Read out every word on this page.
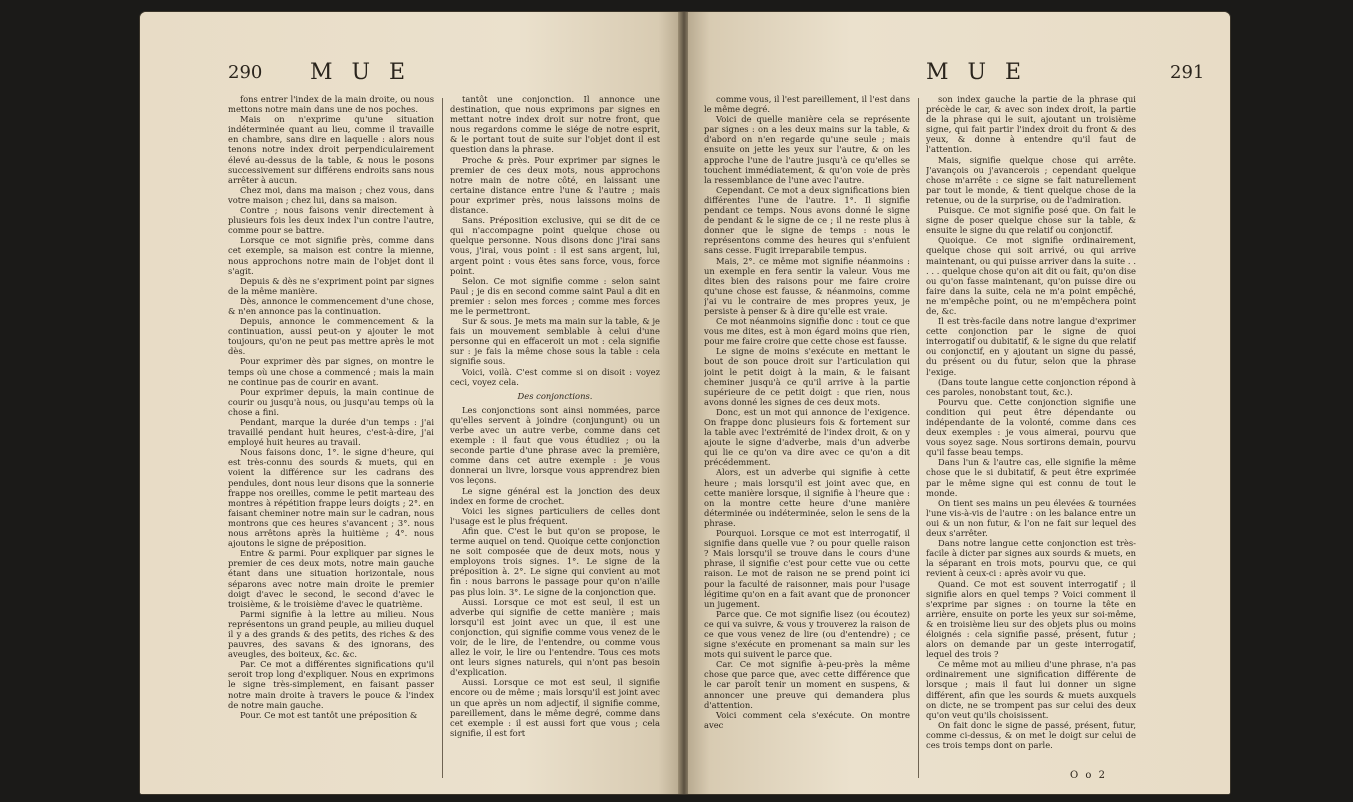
290 M U E

fons entrer l'index de la main droite, ou nous mettons notre main dans une de nos poches.

Mais on n'exprime qu'une situation indéterminée quant au lieu, comme il travaille en chambre, sans dire en laquelle : alors nous tenons notre index droit perpendiculairement élevé au-dessus de la table, & nous le posons successivement sur différens endroits sans nous arrêter à aucun.

Chez moi, dans ma maison ; chez vous, dans votre maison ; chez lui, dans sa maison.

Contre ; nous faisons venir directement à plusieurs fois les deux index l'un contre l'autre, comme pour se battre.

Lorsque ce mot signifie près, comme dans cet exemple, sa maison est contre la mienne, nous approchons notre main de l'objet dont il s'agit.

Depuis & dès ne s'expriment point par signes de la même manière.

Dès, annonce le commencement d'une chose, & n'en annonce pas la continuation.

Depuis, annonce le commencement & la continuation, aussi peut-on y ajouter le mot toujours, qu'on ne peut pas mettre après le mot dès.

Pour exprimer dès par signes, on montre le temps où une chose a commencé ; mais la main ne continue pas de courir en avant.

Pour exprimer depuis, la main continue de courir ou jusqu'à nous, ou jusqu'au temps où la chose a fini.

Pendant, marque la durée d'un temps : j'ai travaillé pendant huit heures, c'est-à-dire, j'ai employé huit heures au travail.

Nous faisons donc, 1°. le signe d'heure, qui est très-connu des sourds & muets, qui en voient la différence sur les cadrans des pendules, dont nous leur disons que la sonnerie frappe nos oreilles, comme le petit marteau des montres à répétition frappe leurs doigts ; 2°. en faisant cheminer notre main sur le cadran, nous montrons que ces heures s'avancent ; 3°. nous nous arrêtons après la huitième ; 4°. nous ajoutons le signe de préposition.

Entre & parmi. Pour expliquer par signes le premier de ces deux mots, notre main gauche étant dans une situation horizontale, nous séparons avec notre main droite le premier doigt d'avec le second, le second d'avec le troisième, & le troisième d'avec le quatrième.

Parmi signifie à la lettre au milieu. Nous représentons un grand peuple, au milieu duquel il y a des grands & des petits, des riches & des pauvres, des savans & des ignorans, des aveugles, des boiteux, &c. &c.

Par. Ce mot a différentes significations qu'il seroit trop long d'expliquer. Nous en exprimons le signe très-simplement, en faisant passer notre main droite à travers le pouce & l'index de notre main gauche.

Pour. Ce mot est tantôt une préposition &

tantôt une conjonction. Il annonce une destination, que nous exprimons par signes en mettant notre index droit sur notre front, que nous regardons comme le siége de notre esprit, & le portant tout de suite sur l'objet dont il est question dans la phrase.

Proche & près. Pour exprimer par signes le premier de ces deux mots, nous approchons notre main de notre côté, en laissant une certaine distance entre l'une & l'autre ; mais pour exprimer près, nous laissons moins de distance.

Sans. Préposition exclusive, qui se dit de ce qui n'accompagne point quelque chose ou quelque personne. Nous disons donc j'irai sans vous, j'irai, vous point : il est sans argent, lui, argent point : vous êtes sans force, vous, force point.

Selon. Ce mot signifie comme : selon saint Paul ; je dis en second comme saint Paul a dit en premier : selon mes forces ; comme mes forces me le permettront.

Sur & sous. Je mets ma main sur la table, & je fais un mouvement semblable à celui d'une personne qui en effaceroit un mot : cela signifie sur : je fais la même chose sous la table : cela signifie sous.

Voici, voilà. C'est comme si on disoit : voyez ceci, voyez cela.

Des conjonctions.

Les conjonctions sont ainsi nommées, parce qu'elles servent à joindre (conjungunt) ou un verbe avec un autre verbe, comme dans cet exemple : il faut que vous étudiiez ; ou la seconde partie d'une phrase avec la première, comme dans cet autre exemple : je vous donnerai un livre, lorsque vous apprendrez bien vos leçons.

Le signe général est la jonction des deux index en forme de crochet.

Voici les signes particuliers de celles dont l'usage est le plus fréquent.

Afin que. C'est le but qu'on se propose, le terme auquel on tend. Quoique cette conjonction ne soit composée que de deux mots, nous y employons trois signes. 1°. Le signe de la préposition à. 2°. Le signe qui convient au mot fin : nous barrons le passage pour qu'on n'aille pas plus loin. 3°. Le signe de la conjonction que.

Aussi. Lorsque ce mot est seul, il est un adverbe qui signifie de cette manière ; mais lorsqu'il est joint avec un que, il est une conjonction, qui signifie comme vous venez de le voir, de le lire, de l'entendre, ou comme vous allez le voir, le lire ou l'entendre. Tous ces mots ont leurs signes naturels, qui n'ont pas besoin d'explication.

Aussi. Lorsque ce mot est seul, il signifie encore ou de même ; mais lorsqu'il est joint avec un que après un nom adjectif, il signifie comme, pareillement, dans le même degré, comme dans cet exemple : il est aussi fort que vous ; cela signifie, il est fort

M U E	291

comme vous, il l'est pareillement, il l'est dans le même degré.

Voici de quelle manière cela se représente par signes : on a les deux mains sur la table, & d'abord on n'en regarde qu'une seule ; mais ensuite on jette les yeux sur l'autre, & on les approche l'une de l'autre jusqu'à ce qu'elles se touchent immédiatement, & qu'on voie de près la ressemblance de l'une avec l'autre.

Cependant. Ce mot a deux significations bien différentes l'une de l'autre. 1°. Il signifie pendant ce temps. Nous avons donné le signe de pendant & le signe de ce ; il ne reste plus à donner que le signe de temps : nous le représentons comme des heures qui s'enfuient sans cesse. Fugit irreparabile tempus.

Mais, 2°. ce même mot signifie néanmoins : un exemple en fera sentir la valeur. Vous me dites bien des raisons pour me faire croire qu'une chose est fausse, & néanmoins, comme j'ai vu le contraire de mes propres yeux, je persiste à penser & à dire qu'elle est vraie.

Ce mot néanmoins signifie donc : tout ce que vous me dites, est à mon égard moins que rien, pour me faire croire que cette chose est fausse.

Le signe de moins s'exécute en mettant le bout de son pouce droit sur l'articulation qui joint le petit doigt à la main, & le faisant cheminer jusqu'à ce qu'il arrive à la partie supérieure de ce petit doigt : que rien, nous avons donné les signes de ces deux mots.

Donc, est un mot qui annonce de l'exigence. On frappe donc plusieurs fois & fortement sur la table avec l'extrémité de l'index droit, & on y ajoute le signe d'adverbe, mais d'un adverbe qui lie ce qu'on va dire avec ce qu'on a dit précédemment.

Alors, est un adverbe qui signifie à cette heure ; mais lorsqu'il est joint avec que, en cette manière lorsque, il signifie à l'heure que : on la montre cette heure d'une manière déterminée ou indéterminée, selon le sens de la phrase.

Pourquoi. Lorsque ce mot est interrogatif, il signifie dans quelle vue ? ou pour quelle raison ? Mais lorsqu'il se trouve dans le cours d'une phrase, il signifie c'est pour cette vue ou cette raison. Le mot de raison ne se prend point ici pour la faculté de raisonner, mais pour l'usage légitime qu'on en a fait avant que de prononcer un jugement.

Parce que. Ce mot signifie lisez (ou écoutez) ce qui va suivre, & vous y trouverez la raison de ce que vous venez de lire (ou d'entendre) ; ce signe s'exécute en promenant sa main sur les mots qui suivent le parce que.

Car. Ce mot signifie à-peu-près la même chose que parce que, avec cette différence que le car paroît tenir un moment en suspens, & annoncer une preuve qui demandera plus d'attention.

Voici comment cela s'exécute. On montre avec

son index gauche la partie de la phrase qui précède le car, & avec son index droit, la partie de la phrase qui le suit, ajoutant un troisième signe, qui fait partir l'index droit du front & des yeux, & donne à entendre qu'il faut de l'attention.

Mais, signifie quelque chose qui arrête. J'avançois ou j'avancerois ; cependant quelque chose m'arrête : ce signe se fait naturellement par tout le monde, & tient quelque chose de la retenue, ou de la surprise, ou de l'admiration.

Puisque. Ce mot signifie posé que. On fait le signe de poser quelque chose sur la table, & ensuite le signe du que relatif ou conjonctif.

Quoique. Ce mot signifie ordinairement, quelque chose qui soit arrivé, ou qui arrive maintenant, ou qui puisse arriver dans la suite . . . . . quelque chose qu'on ait dit ou fait, qu'on dise ou qu'on fasse maintenant, qu'on puisse dire ou faire dans la suite, cela ne m'a point empêché, ne m'empêche point, ou ne m'empêchera point de, &c.

Il est très-facile dans notre langue d'exprimer cette conjonction par le signe de quoi interrogatif ou dubitatif, & le signe du que relatif ou conjonctif, en y ajoutant un signe du passé, du présent ou du futur, selon que la phrase l'exige.

(Dans toute langue cette conjonction répond à ces paroles, nonobstant tout, &c.).

Pourvu que. Cette conjonction signifie une condition qui peut être dépendante ou indépendante de la volonté, comme dans ces deux exemples : je vous aimerai, pourvu que vous soyez sage. Nous sortirons demain, pourvu qu'il fasse beau temps.

Dans l'un & l'autre cas, elle signifie la même chose que le si dubitatif, & peut être exprimée par le même signe qui est connu de tout le monde.

On tient ses mains un peu élevées & tournées l'une vis-à-vis de l'autre : on les balance entre un oui & un non futur, & l'on ne fait sur lequel des deux s'arrêter.

Dans notre langue cette conjonction est très-facile à dicter par signes aux sourds & muets, en la séparant en trois mots, pourvu que, ce qui revient à ceux-ci : après avoir vu que.

Quand. Ce mot est souvent interrogatif ; il signifie alors en quel temps ? Voici comment il s'exprime par signes : on tourne la tête en arrière, ensuite on porte les yeux sur soi-même, & en troisième lieu sur des objets plus ou moins éloignés : cela signifie passé, présent, futur ; alors on demande par un geste interrogatif, lequel des trois ?

Ce même mot au milieu d'une phrase, n'a pas ordinairement une signification différente de lorsque ; mais il faut lui donner un signe différent, afin que les sourds & muets auxquels on dicte, ne se trompent pas sur celui des deux qu'on veut qu'ils choisissent.

On fait donc le signe de passé, présent, futur, comme ci-dessus, & on met le doigt sur celui de ces trois temps dont on parle.

O o 2
